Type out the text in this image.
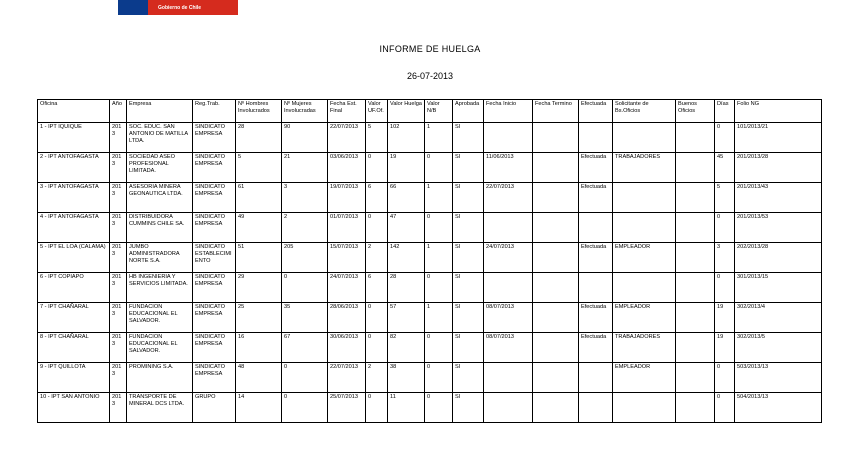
Gobierno de Chile
INFORME DE HUELGA
26-07-2013
Oficina	Año	Empresa	Reg.Trab.	Nº Hombres Involucrados	Nº Mujeres Involucradas	Fecha Est. Final	Valor UF.Of.	Valor Huelga	Valor N/B	Aprobada	Fecha Inicio	Fecha Termino	Efectuada	Solicitante de Bs.Oficios	Buenos Oficios	Días	Folio NG
1 - IPT IQUIQUE	2013	SOC. EDUC. SAN ANTONIO DE MATILLA LTDA.	SINDICATO EMPRESA	28	90	22/07/2013	5	102	1	SI						0	101/2013/21
2 - IPT ANTOFAGASTA	2013	SOCIEDAD ASEO PROFESIONAL LIMITADA.	SINDICATO EMPRESA	5	21	03/06/2013	0	19	0	SI	11/06/2013		Efectuada	TRABAJADORES		45	201/2013/28
3 - IPT ANTOFAGASTA	2013	ASESORIA MINERA GEONAUTICA LTDA.	SINDICATO EMPRESA	61	3	19/07/2013	6	66	1	SI	22/07/2013		Efectuada			5	201/2013/43
4 - IPT ANTOFAGASTA	2013	DISTRIBUIDORA CUMMINS CHILE SA.	SINDICATO EMPRESA	49	2	01/07/2013	0	47	0	SI						0	201/2013/53
5 - IPT EL LOA (CALAMA)	2013	JUMBO ADMINISTRADORA NORTE S.A.	SINDICATO ESTABLECIMIENTO	51	205	15/07/2013	2	142	1	SI	24/07/2013		Efectuada	EMPLEADOR		3	202/2013/28
6 - IPT COPIAPO	2013	HB INGENIERIA Y SERVICIOS LIMITADA.	SINDICATO EMPRESA	29	0	24/07/2013	6	28	0	SI						0	301/2013/15
7 - IPT CHAÑARAL	2013	FUNDACION EDUCACIONAL EL SALVADOR.	SINDICATO EMPRESA	25	35	28/06/2013	0	57	1	SI	08/07/2013		Efectuada	EMPLEADOR		19	302/2013/4
8 - IPT CHAÑARAL	2013	FUNDACION EDUCACIONAL EL SALVADOR.	SINDICATO EMPRESA	16	67	30/06/2013	0	82	0	SI	08/07/2013		Efectuada	TRABAJADORES		19	302/2013/5
9 - IPT QUILLOTA	2013	PROMINING S.A.	SINDICATO EMPRESA	48	0	22/07/2013	2	38	0	SI				EMPLEADOR		0	503/2013/13
10 - IPT SAN ANTONIO	2013	TRANSPORTE DE MINERAL DCS LTDA.	GRUPO	14	0	25/07/2013	0	11	0	SI						0	504/2013/13
